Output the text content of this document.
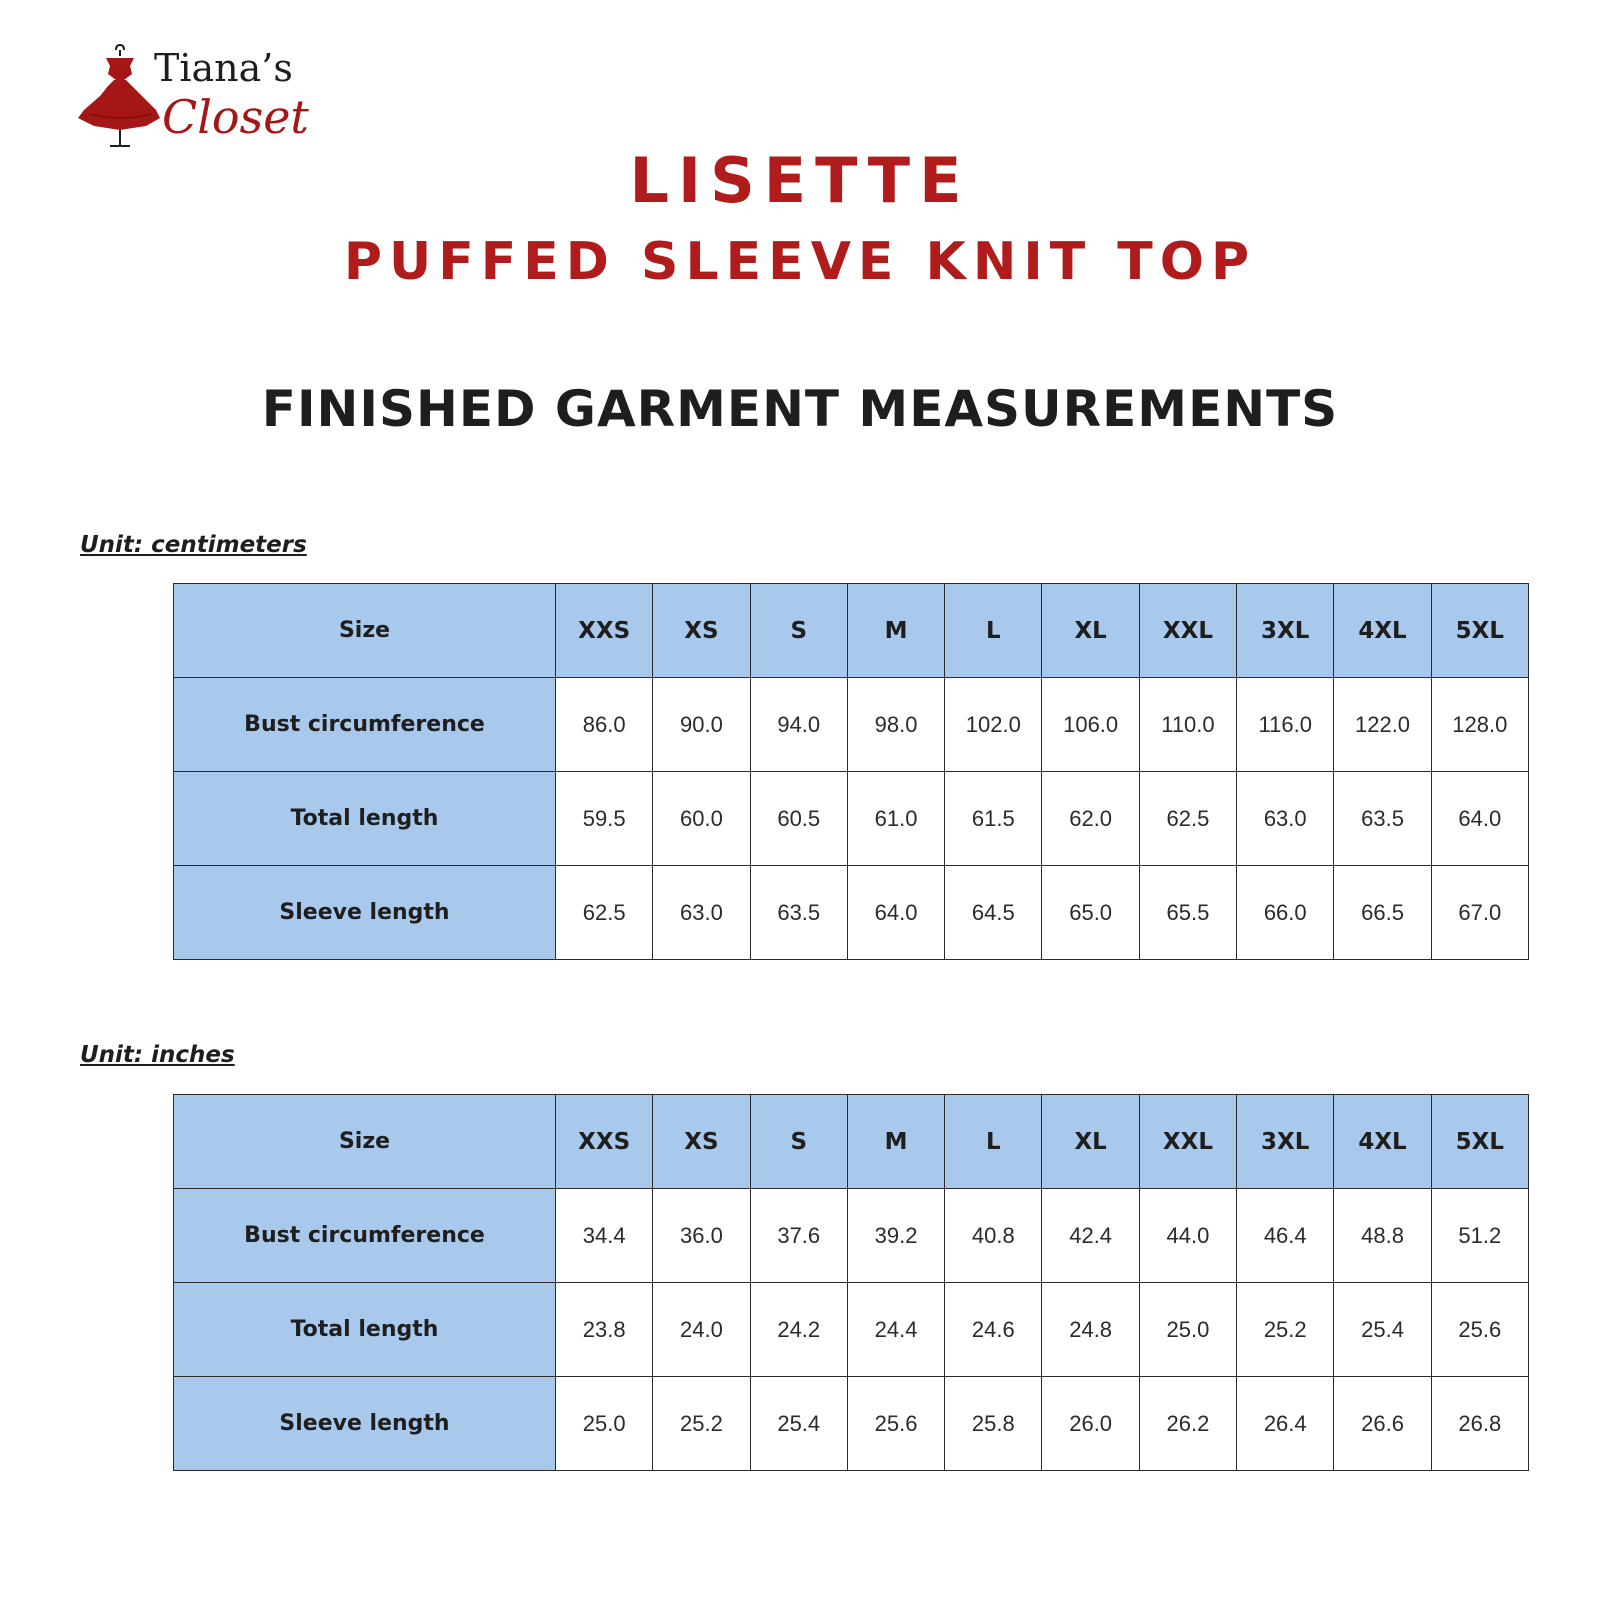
Tiana’s
Closet
LISETTE
PUFFED SLEEVE KNIT TOP
FINISHED GARMENT MEASUREMENTS
Unit: centimeters
Size	XXS	XS	S	M	L	XL	XXL	3XL	4XL	5XL
Bust circumference	86.0	90.0	94.0	98.0	102.0	106.0	110.0	116.0	122.0	128.0
Total length	59.5	60.0	60.5	61.0	61.5	62.0	62.5	63.0	63.5	64.0
Sleeve length	62.5	63.0	63.5	64.0	64.5	65.0	65.5	66.0	66.5	67.0
Unit: inches
Size	XXS	XS	S	M	L	XL	XXL	3XL	4XL	5XL
Bust circumference	34.4	36.0	37.6	39.2	40.8	42.4	44.0	46.4	48.8	51.2
Total length	23.8	24.0	24.2	24.4	24.6	24.8	25.0	25.2	25.4	25.6
Sleeve length	25.0	25.2	25.4	25.6	25.8	26.0	26.2	26.4	26.6	26.8
